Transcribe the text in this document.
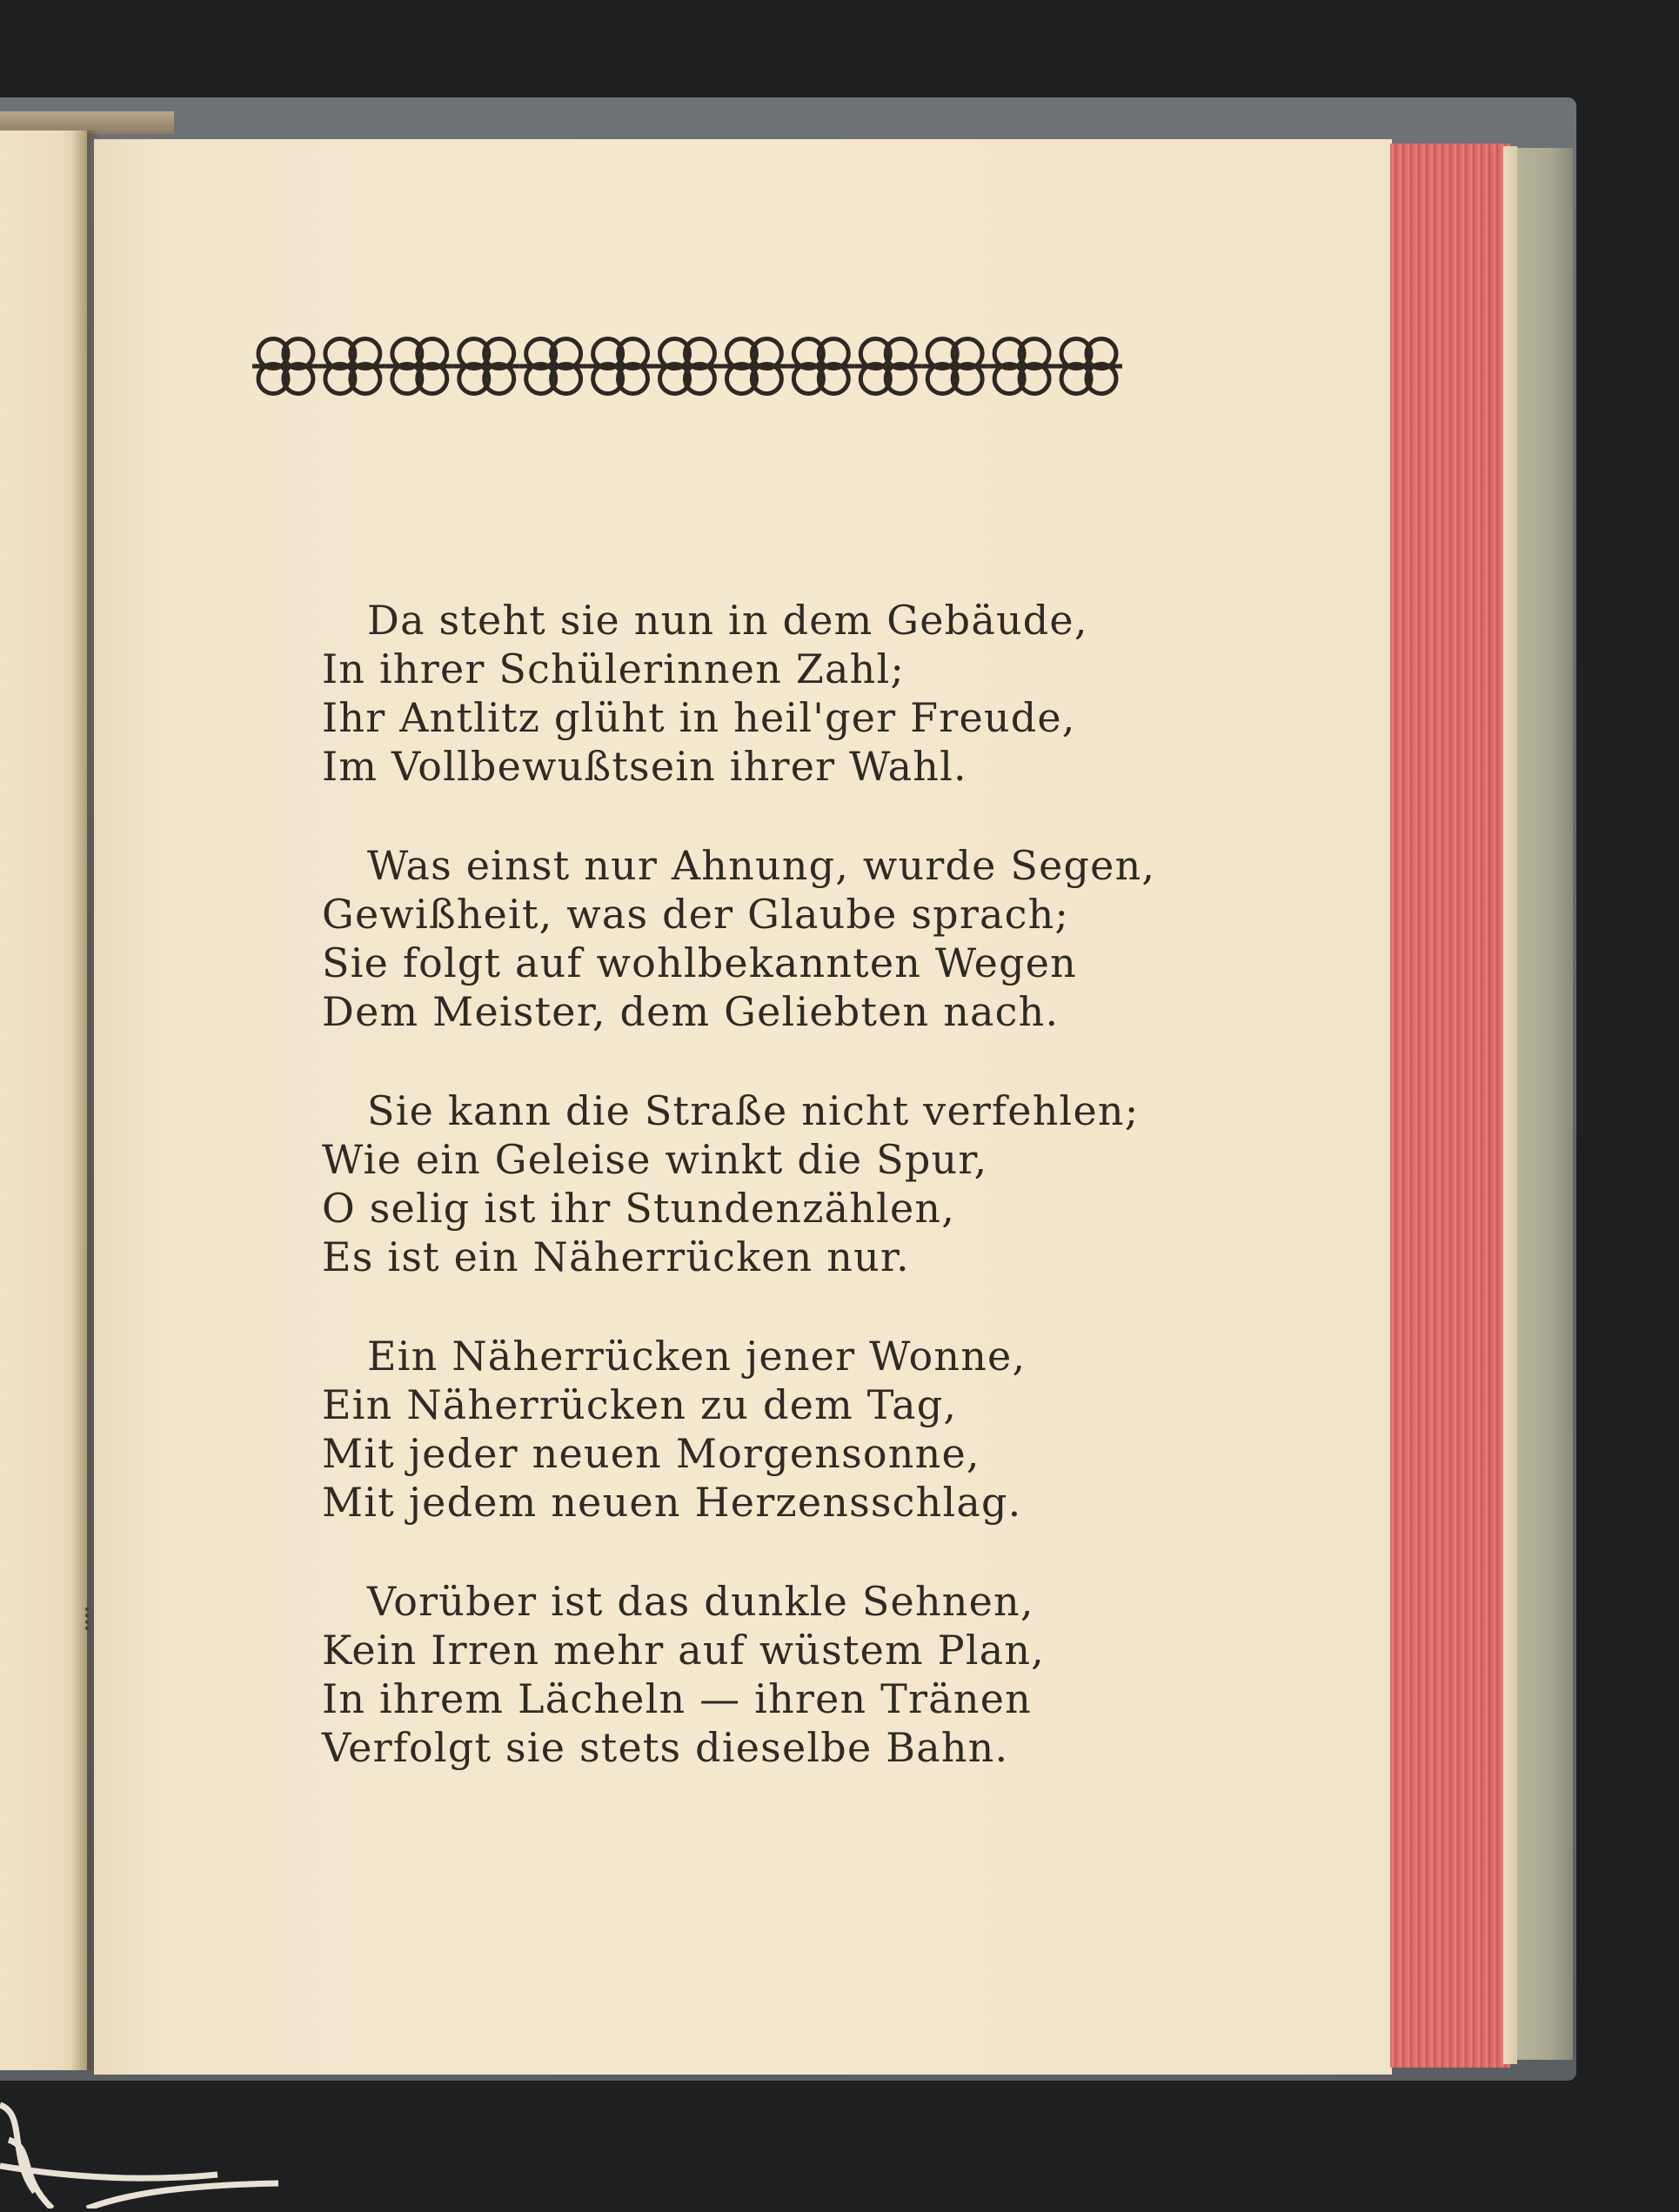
Da steht sie nun in dem Gebäude,
In ihrer Schülerinnen Zahl;
Ihr Antlitz glüht in heil'ger Freude,
Im Vollbewußtsein ihrer Wahl.
Was einst nur Ahnung, wurde Segen,
Gewißheit, was der Glaube sprach;
Sie folgt auf wohlbekannten Wegen
Dem Meister, dem Geliebten nach.
Sie kann die Straße nicht verfehlen;
Wie ein Geleise winkt die Spur,
O selig ist ihr Stundenzählen,
Es ist ein Näherrücken nur.
Ein Näherrücken jener Wonne,
Ein Näherrücken zu dem Tag,
Mit jeder neuen Morgensonne,
Mit jedem neuen Herzensschlag.
Vorüber ist das dunkle Sehnen,
Kein Irren mehr auf wüstem Plan,
In ihrem Lächeln — ihren Tränen
Verfolgt sie stets dieselbe Bahn.
